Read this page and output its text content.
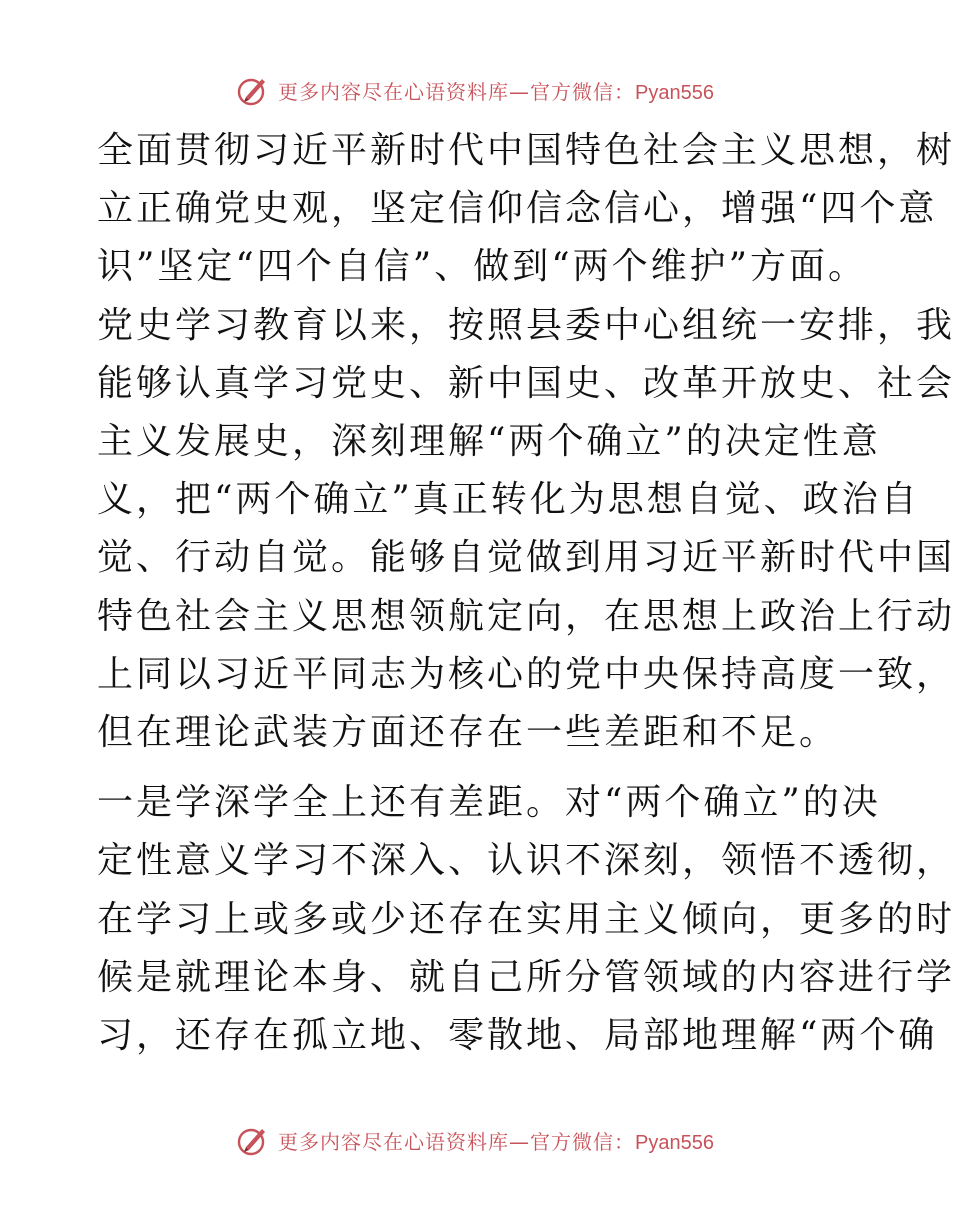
更多内容尽在心语资料库—官方微信：Pyan556

全面贯彻习近平新时代中国特色社会主义思想，树
立正确党史观，坚定信仰信念信心，增强“四个意
识”坚定“四个自信”、做到“两个维护”方面。
党史学习教育以来，按照县委中心组统一安排，我
能够认真学习党史、新中国史、改革开放史、社会
主义发展史，深刻理解“两个确立”的决定性意
义，把“两个确立”真正转化为思想自觉、政治自
觉、行动自觉。能够自觉做到用习近平新时代中国
特色社会主义思想领航定向，在思想上政治上行动
上同以习近平同志为核心的党中央保持高度一致，
但在理论武装方面还存在一些差距和不足。

一是学深学全上还有差距。对“两个确立”的决
定性意义学习不深入、认识不深刻，领悟不透彻，
在学习上或多或少还存在实用主义倾向，更多的时
候是就理论本身、就自己所分管领域的内容进行学
习，还存在孤立地、零散地、局部地理解“两个确

更多内容尽在心语资料库—官方微信：Pyan556
